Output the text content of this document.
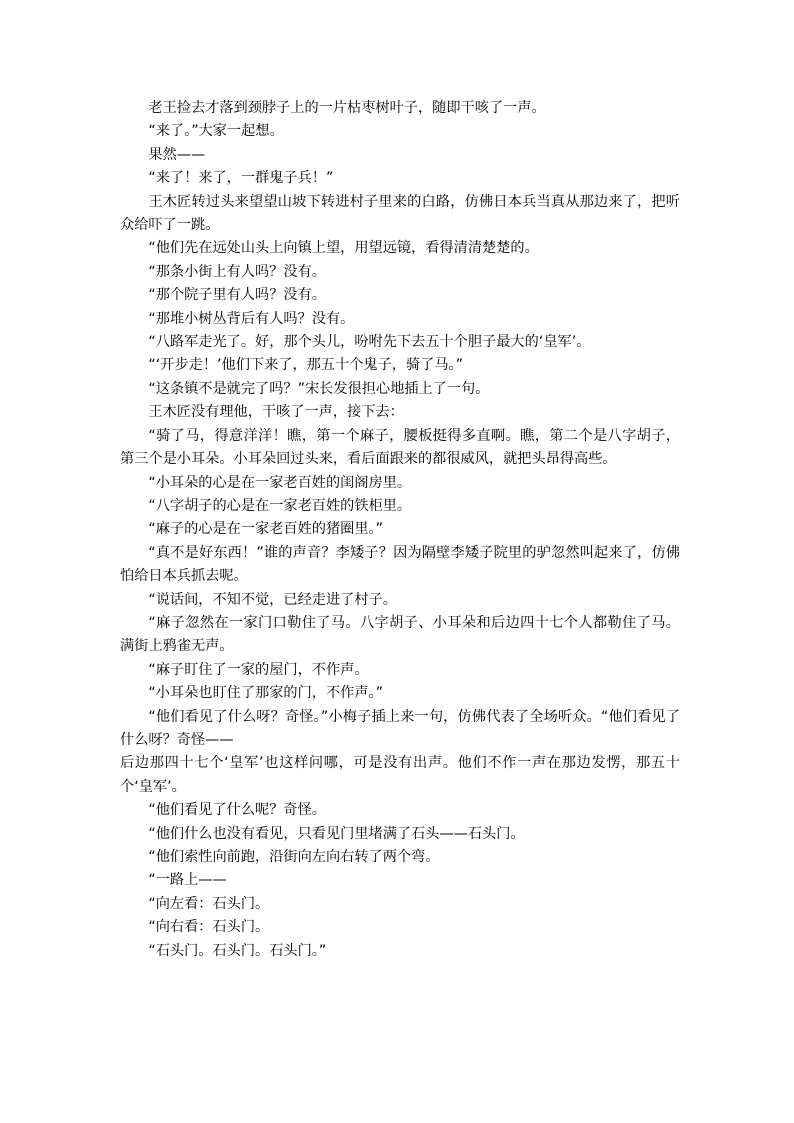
老王捡去才落到颈脖子上的一片枯枣树叶子，随即干咳了一声。

“来了。”大家一起想。

果然——

“来了！来了，一群鬼子兵！”

王木匠转过头来望望山坡下转进村子里来的白路，仿佛日本兵当真从那边来了，把听众给吓了一跳。

“他们先在远处山头上向镇上望，用望远镜，看得清清楚楚的。

“那条小街上有人吗？没有。

“那个院子里有人吗？没有。

“那堆小树丛背后有人吗？没有。

“八路军走光了。好，那个头儿，吩咐先下去五十个胆子最大的‘皇军’。

“‘开步走！’他们下来了，那五十个鬼子，骑了马。”

“这条镇不是就完了吗？”宋长发很担心地插上了一句。

王木匠没有理他，干咳了一声，接下去：

“骑了马，得意洋洋！瞧，第一个麻子，腰板挺得多直啊。瞧，第二个是八字胡子，第三个是小耳朵。小耳朵回过头来，看后面跟来的都很威风，就把头昂得高些。

“小耳朵的心是在一家老百姓的闺阁房里。

“八字胡子的心是在一家老百姓的铁柜里。

“麻子的心是在一家老百姓的猪圈里。”

“真不是好东西！”谁的声音？李矮子？因为隔壁李矮子院里的驴忽然叫起来了，仿佛怕给日本兵抓去呢。

“说话间，不知不觉，已经走进了村子。

“麻子忽然在一家门口勒住了马。八字胡子、小耳朵和后边四十七个人都勒住了马。满街上鸦雀无声。

“麻子盯住了一家的屋门，不作声。

“小耳朵也盯住了那家的门，不作声。”

“他们看见了什么呀？奇怪。”小梅子插上来一句，仿佛代表了全场听众。“他们看见了什么呀？奇怪——

后边那四十七个‘皇军’也这样问哪，可是没有出声。他们不作一声在那边发愣，那五十个‘皇军’。

“他们看见了什么呢？奇怪。

“他们什么也没有看见，只看见门里堵满了石头——石头门。

“他们索性向前跑，沿街向左向右转了两个弯。

“一路上——

“向左看：石头门。

“向右看：石头门。

“石头门。石头门。石头门。”
